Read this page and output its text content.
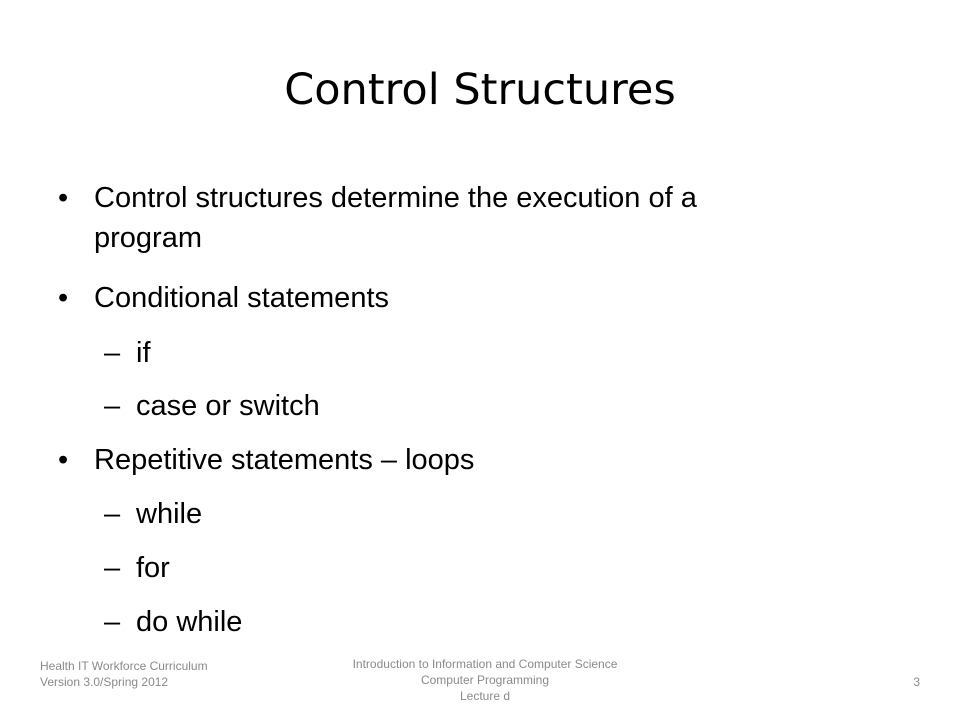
Control Structures
• Control structures determine the execution of a
program
• Conditional statements
– if
– case or switch
• Repetitive statements – loops
– while
– for
– do while
Health IT Workforce Curriculum
Version 3.0/Spring 2012
Introduction to Information and Computer Science
Computer Programming
Lecture d
3
